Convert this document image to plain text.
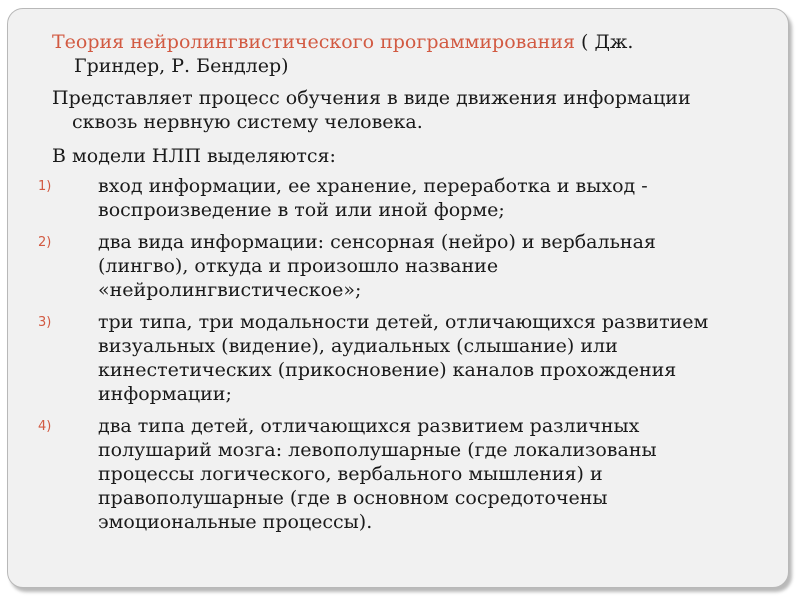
Теория нейролингвистического программирования ( Дж. Гриндер, Р. Бендлер)

Представляет процесс обучения в виде движения информации сквозь нервную систему человека.

В модели НЛП выделяются:

1) вход информации, ее хранение, переработка и выход - воспроизведение в той или иной форме;
2) два вида информации: сенсорная (нейро) и вербальная (лингво), откуда и произошло название «нейролингвистическое»;
3) три типа, три модальности детей, отличающихся развитием визуальных (видение), аудиальных (слышание) или кинестетических (прикосновение) каналов прохождения информации;
4) два типа детей, отличающихся развитием различных полушарий мозга: левополушарные (где локализованы процессы логического, вербального мышления) и правополушарные (где в основном сосредоточены эмоциональные процессы).
